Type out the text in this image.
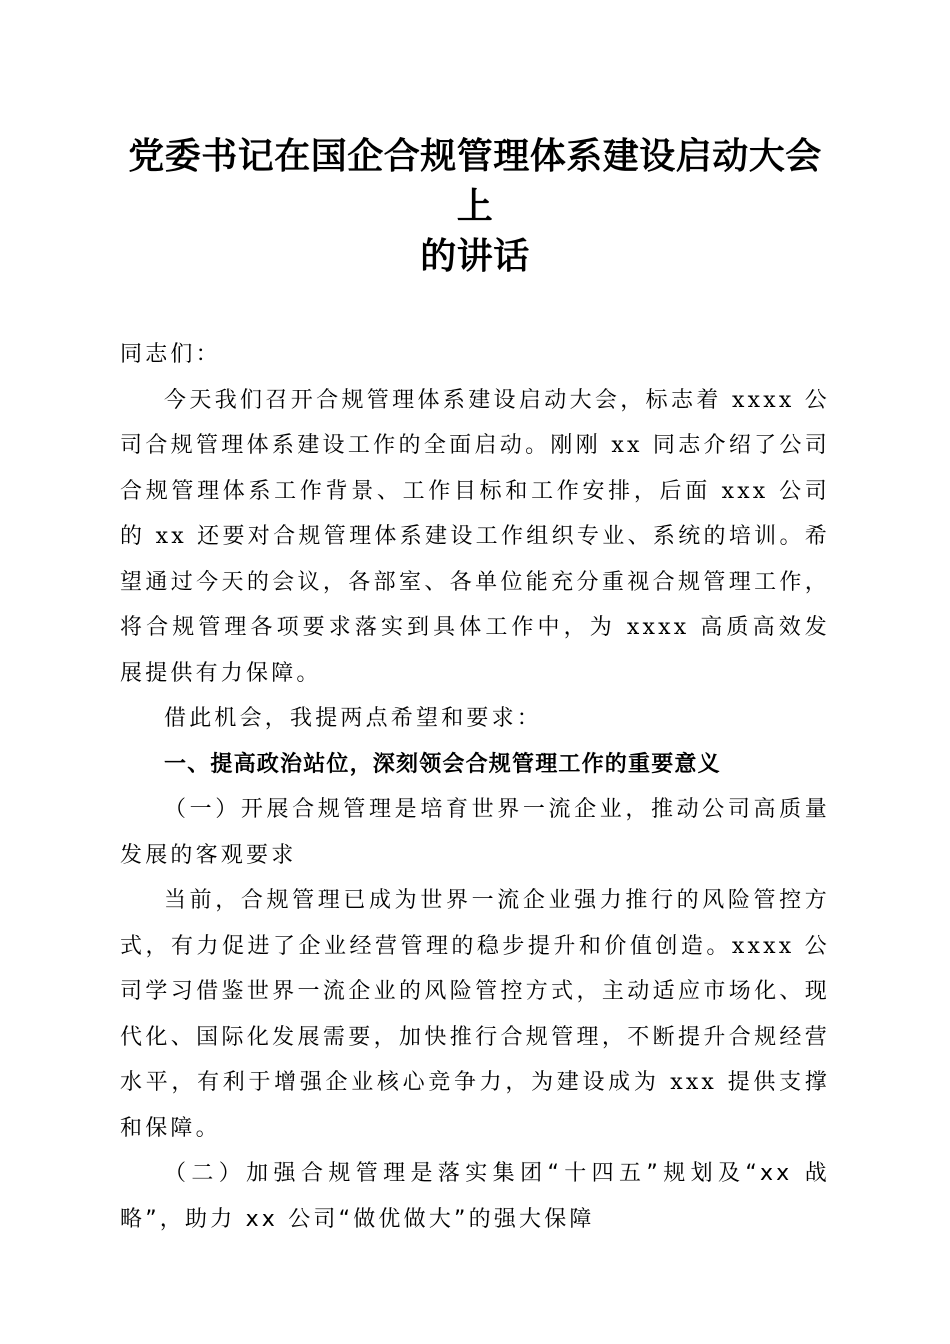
党委书记在国企合规管理体系建设启动大会上
的讲话

同志们：

今天我们召开合规管理体系建设启动大会，标志着 xxxx 公司合规管理体系建设工作的全面启动。刚刚 xx 同志介绍了公司合规管理体系工作背景、工作目标和工作安排，后面 xxx 公司的 xx 还要对合规管理体系建设工作组织专业、系统的培训。希望通过今天的会议，各部室、各单位能充分重视合规管理工作，将合规管理各项要求落实到具体工作中，为 xxxx 高质高效发展提供有力保障。

借此机会，我提两点希望和要求：

一、提高政治站位，深刻领会合规管理工作的重要意义

（一）开展合规管理是培育世界一流企业，推动公司高质量发展的客观要求

当前，合规管理已成为世界一流企业强力推行的风险管控方式，有力促进了企业经营管理的稳步提升和价值创造。xxxx 公司学习借鉴世界一流企业的风险管控方式，主动适应市场化、现代化、国际化发展需要，加快推行合规管理，不断提升合规经营水平，有利于增强企业核心竞争力，为建设成为 xxx 提供支撑和保障。

（二）加强合规管理是落实集团“十四五”规划及“xx 战略”，助力 xx 公司“做优做大”的强大保障
